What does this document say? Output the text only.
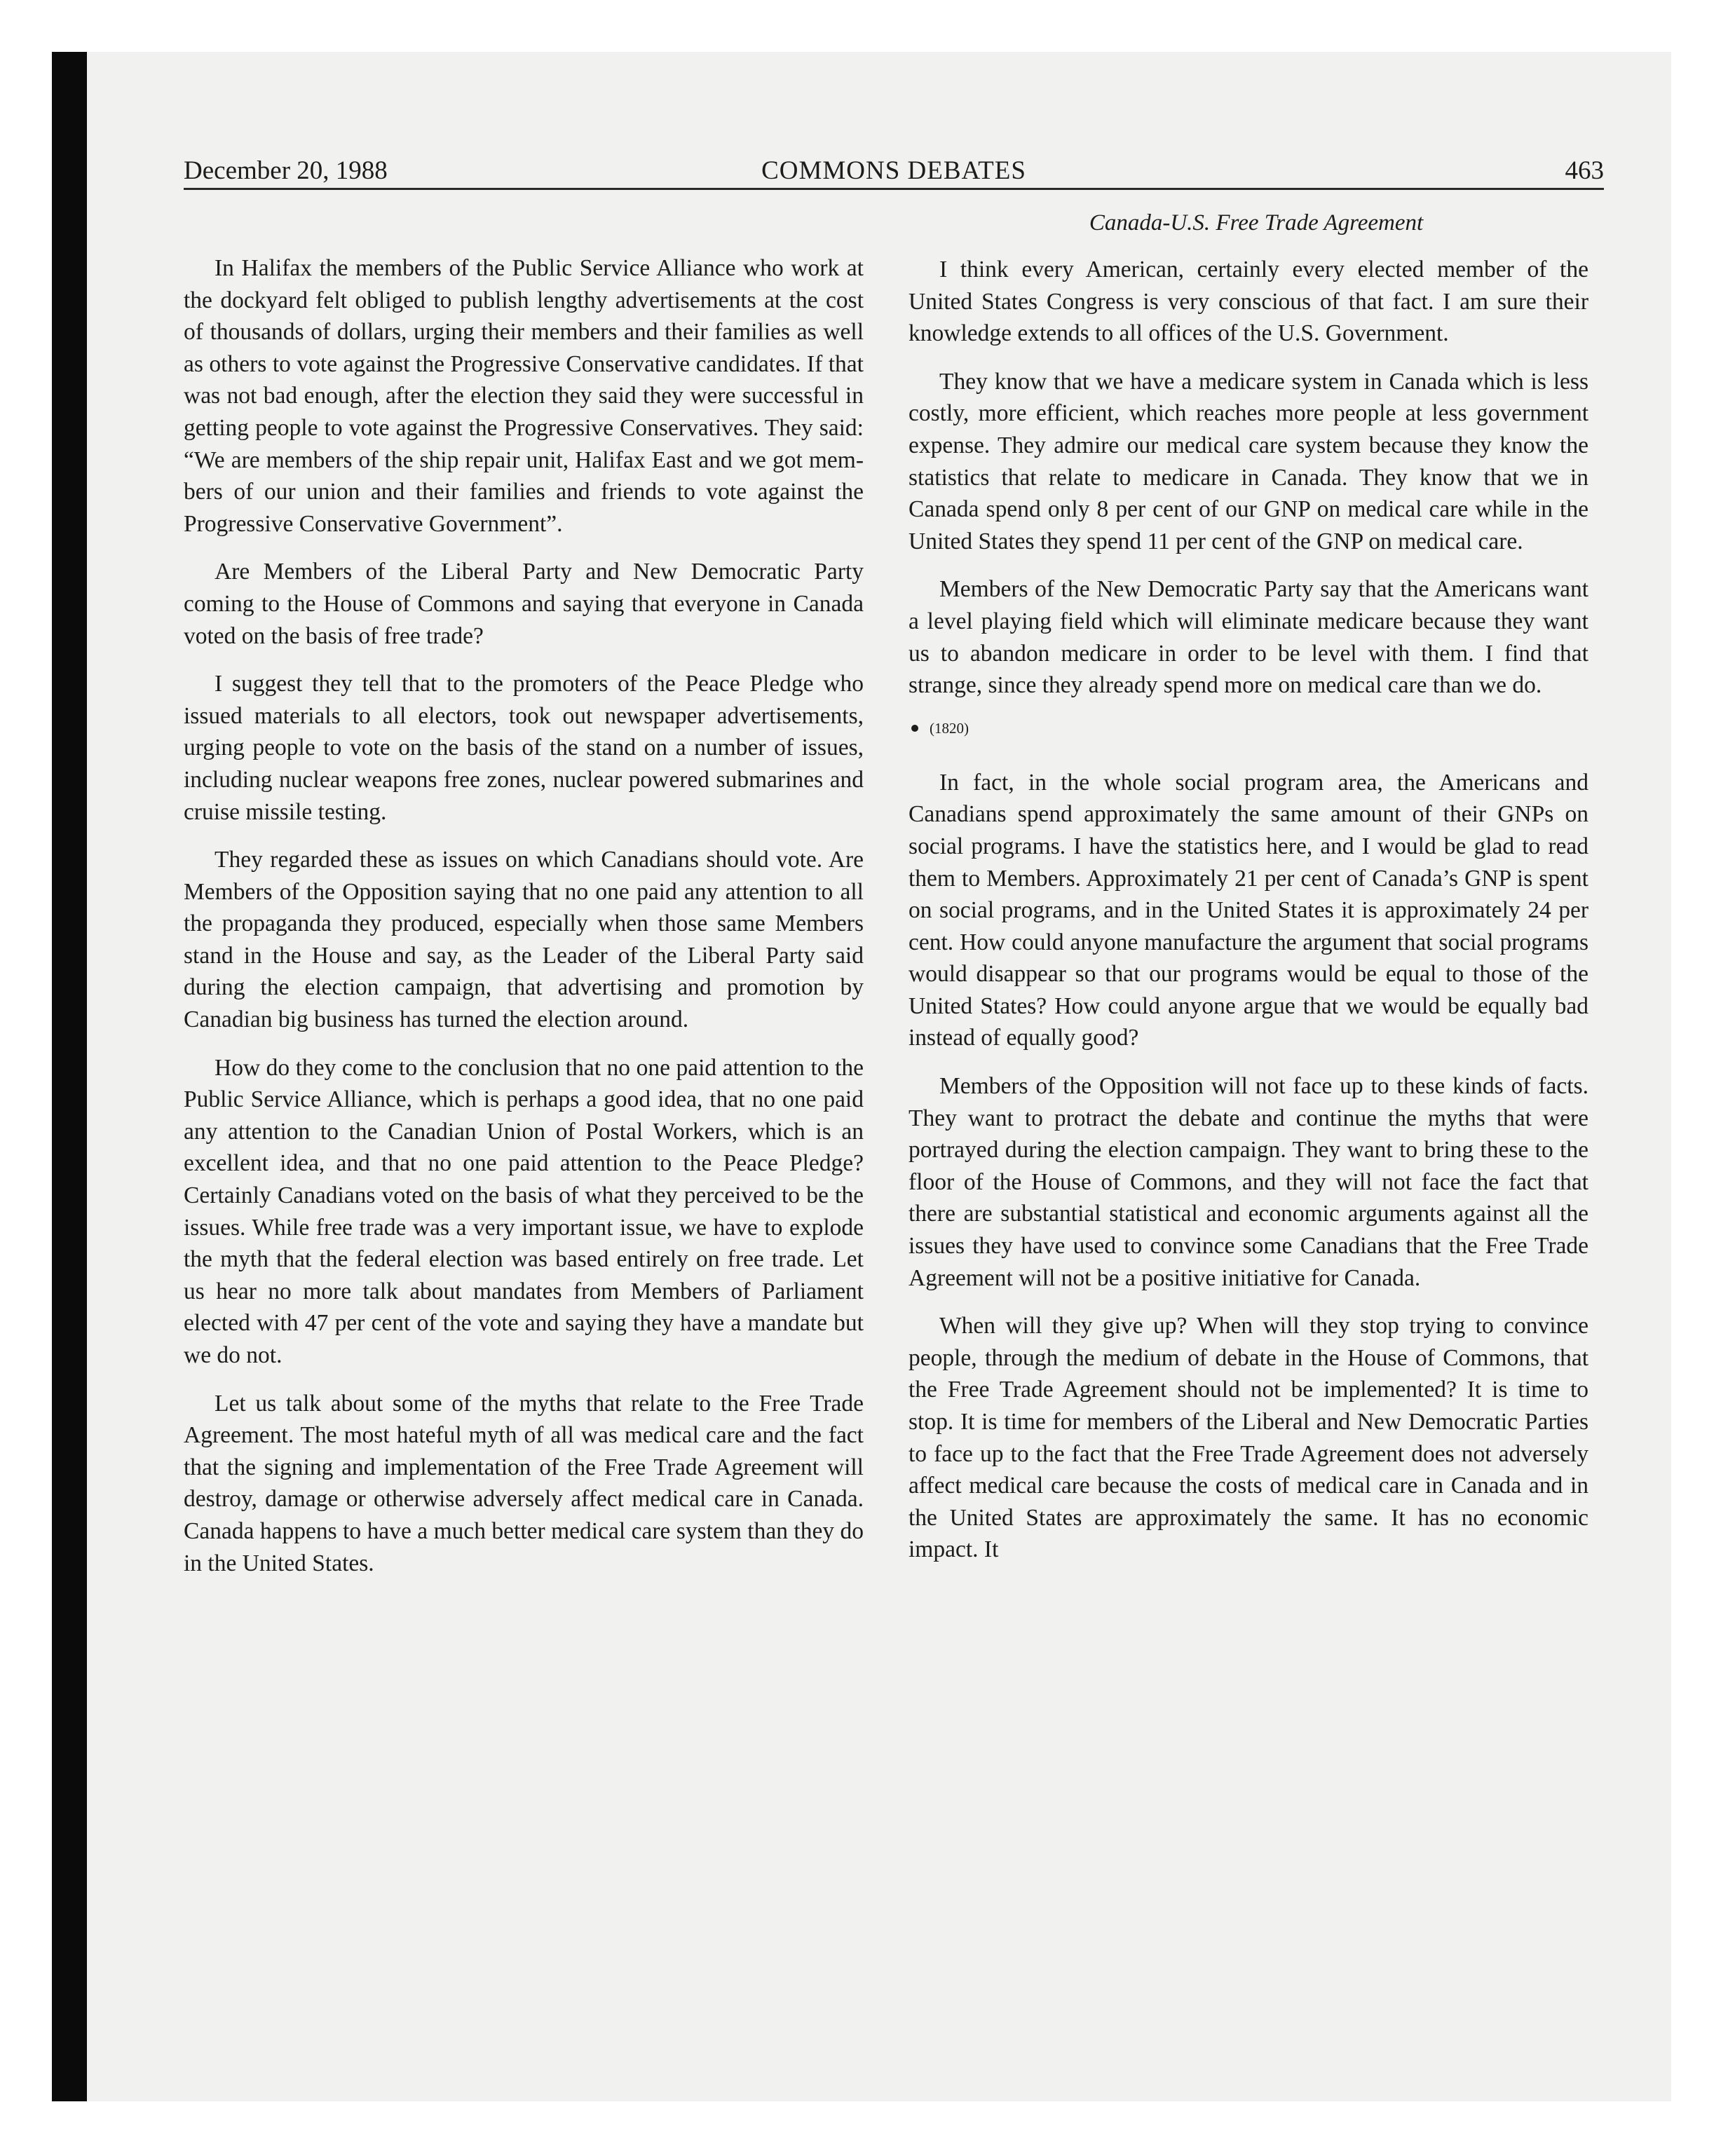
December 20, 1988	COMMONS DEBATES	463
Canada-U.S. Free Trade Agreement

In Halifax the members of the Public Service Alliance who work at the dockyard felt obliged to publish lengthy advertisements at the cost of thousands of dollars, urging their members and their families as well as others to vote against the Progressive Conservative candidates. If that was not bad enough, after the election they said they were successful in getting people to vote against the Progressive Conservatives. They said: “We are members of the ship repair unit, Halifax East and we got members of our union and their families and friends to vote against the Progressive Conservative Government”.

Are Members of the Liberal Party and New Democratic Party coming to the House of Commons and saying that everyone in Canada voted on the basis of free trade?

I suggest they tell that to the promoters of the Peace Pledge who issued materials to all electors, took out newspaper advertisements, urging people to vote on the basis of the stand on a number of issues, including nuclear weapons free zones, nuclear powered submarines and cruise missile testing.

They regarded these as issues on which Canadians should vote. Are Members of the Opposition saying that no one paid any attention to all the propaganda they produced, especially when those same Members stand in the House and say, as the Leader of the Liberal Party said during the election campaign, that advertising and promotion by Canadian big business has turned the election around.

How do they come to the conclusion that no one paid attention to the Public Service Alliance, which is perhaps a good idea, that no one paid any attention to the Canadian Union of Postal Workers, which is an excellent idea, and that no one paid attention to the Peace Pledge? Certainly Canadians voted on the basis of what they perceived to be the issues. While free trade was a very important issue, we have to explode the myth that the federal election was based entirely on free trade. Let us hear no more talk about mandates from Members of Parliament elected with 47 per cent of the vote and saying they have a mandate but we do not.

Let us talk about some of the myths that relate to the Free Trade Agreement. The most hateful myth of all was medical care and the fact that the signing and implementation of the Free Trade Agreement will destroy, damage or otherwise adversely affect medical care in Canada. Canada happens to have a much better medical care system than they do in the United States.

I think every American, certainly every elected member of the United States Congress is very conscious of that fact. I am sure their knowledge extends to all offices of the U.S. Government.

They know that we have a medicare system in Canada which is less costly, more efficient, which reaches more people at less government expense. They admire our medical care system because they know the statistics that relate to medicare in Canada. They know that we in Canada spend only 8 per cent of our GNP on medical care while in the United States they spend 11 per cent of the GNP on medical care.

Members of the New Democratic Party say that the Americans want a level playing field which will eliminate medicare because they want us to abandon medicare in order to be level with them. I find that strange, since they already spend more on medical care than we do.

(1820)

In fact, in the whole social program area, the Americans and Canadians spend approximately the same amount of their GNPs on social programs. I have the statistics here, and I would be glad to read them to Members. Approximately 21 per cent of Canada’s GNP is spent on social programs, and in the United States it is approximately 24 per cent. How could anyone manufacture the argument that social programs would disappear so that our programs would be equal to those of the United States? How could anyone argue that we would be equally bad instead of equally good?

Members of the Opposition will not face up to these kinds of facts. They want to protract the debate and continue the myths that were portrayed during the election campaign. They want to bring these to the floor of the House of Commons, and they will not face the fact that there are substantial statistical and economic arguments against all the issues they have used to convince some Canadians that the Free Trade Agreement will not be a positive initiative for Canada.

When will they give up? When will they stop trying to convince people, through the medium of debate in the House of Commons, that the Free Trade Agreement should not be implemented? It is time to stop. It is time for members of the Liberal and New Democratic Parties to face up to the fact that the Free Trade Agreement does not adversely affect medical care because the costs of medical care in Canada and in the United States are approximately the same. It has no economic impact. It
